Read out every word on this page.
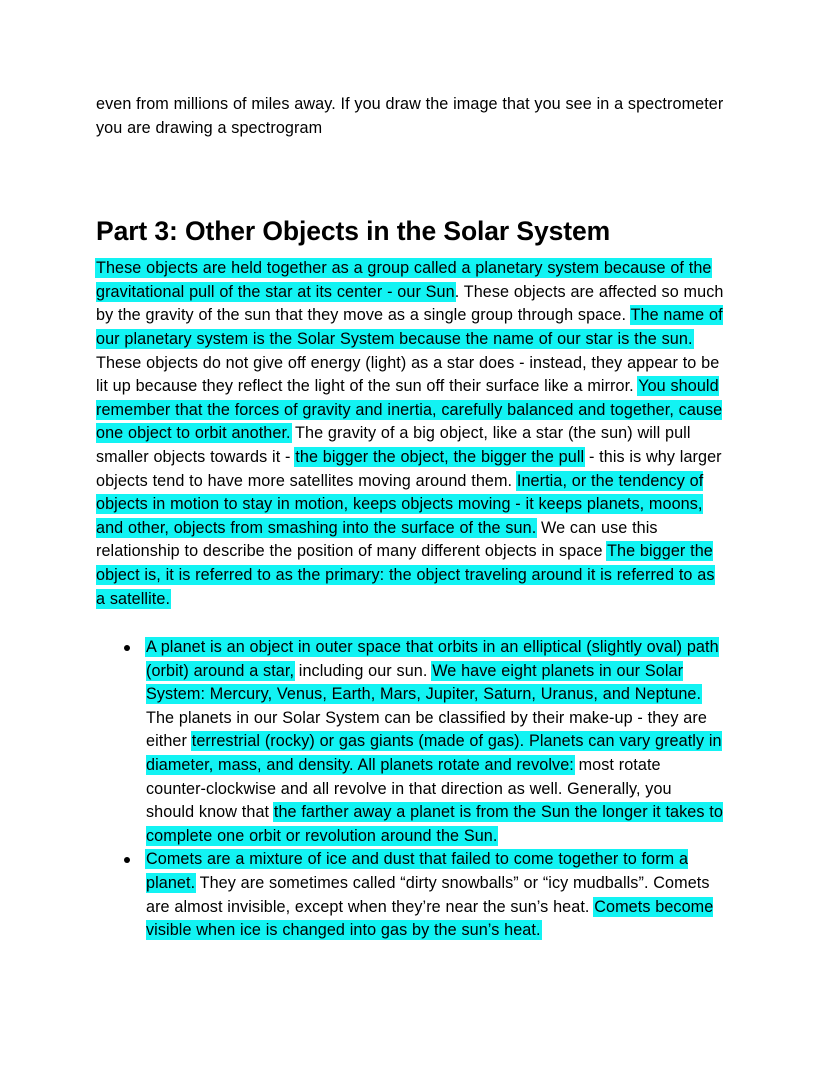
even from millions of miles away. If you draw the image that you see in a spectrometer you are drawing a spectrogram

Part 3: Other Objects in the Solar System

These objects are held together as a group called a planetary system because of the gravitational pull of the star at its center - our Sun. These objects are affected so much by the gravity of the sun that they move as a single group through space. The name of our planetary system is the Solar System because the name of our star is the sun. These objects do not give off energy (light) as a star does - instead, they appear to be lit up because they reflect the light of the sun off their surface like a mirror. You should remember that the forces of gravity and inertia, carefully balanced and together, cause one object to orbit another. The gravity of a big object, like a star (the sun) will pull smaller objects towards it - the bigger the object, the bigger the pull - this is why larger objects tend to have more satellites moving around them. Inertia, or the tendency of objects in motion to stay in motion, keeps objects moving - it keeps planets, moons, and other, objects from smashing into the surface of the sun. We can use this relationship to describe the position of many different objects in space The bigger the object is, it is referred to as the primary: the object traveling around it is referred to as a satellite.

A planet is an object in outer space that orbits in an elliptical (slightly oval) path (orbit) around a star, including our sun. We have eight planets in our Solar System: Mercury, Venus, Earth, Mars, Jupiter, Saturn, Uranus, and Neptune. The planets in our Solar System can be classified by their make-up - they are either terrestrial (rocky) or gas giants (made of gas). Planets can vary greatly in diameter, mass, and density. All planets rotate and revolve: most rotate counter-clockwise and all revolve in that direction as well. Generally, you should know that the farther away a planet is from the Sun the longer it takes to complete one orbit or revolution around the Sun.
Comets are a mixture of ice and dust that failed to come together to form a planet. They are sometimes called “dirty snowballs” or “icy mudballs”. Comets are almost invisible, except when they’re near the sun’s heat. Comets become visible when ice is changed into gas by the sun’s heat.
